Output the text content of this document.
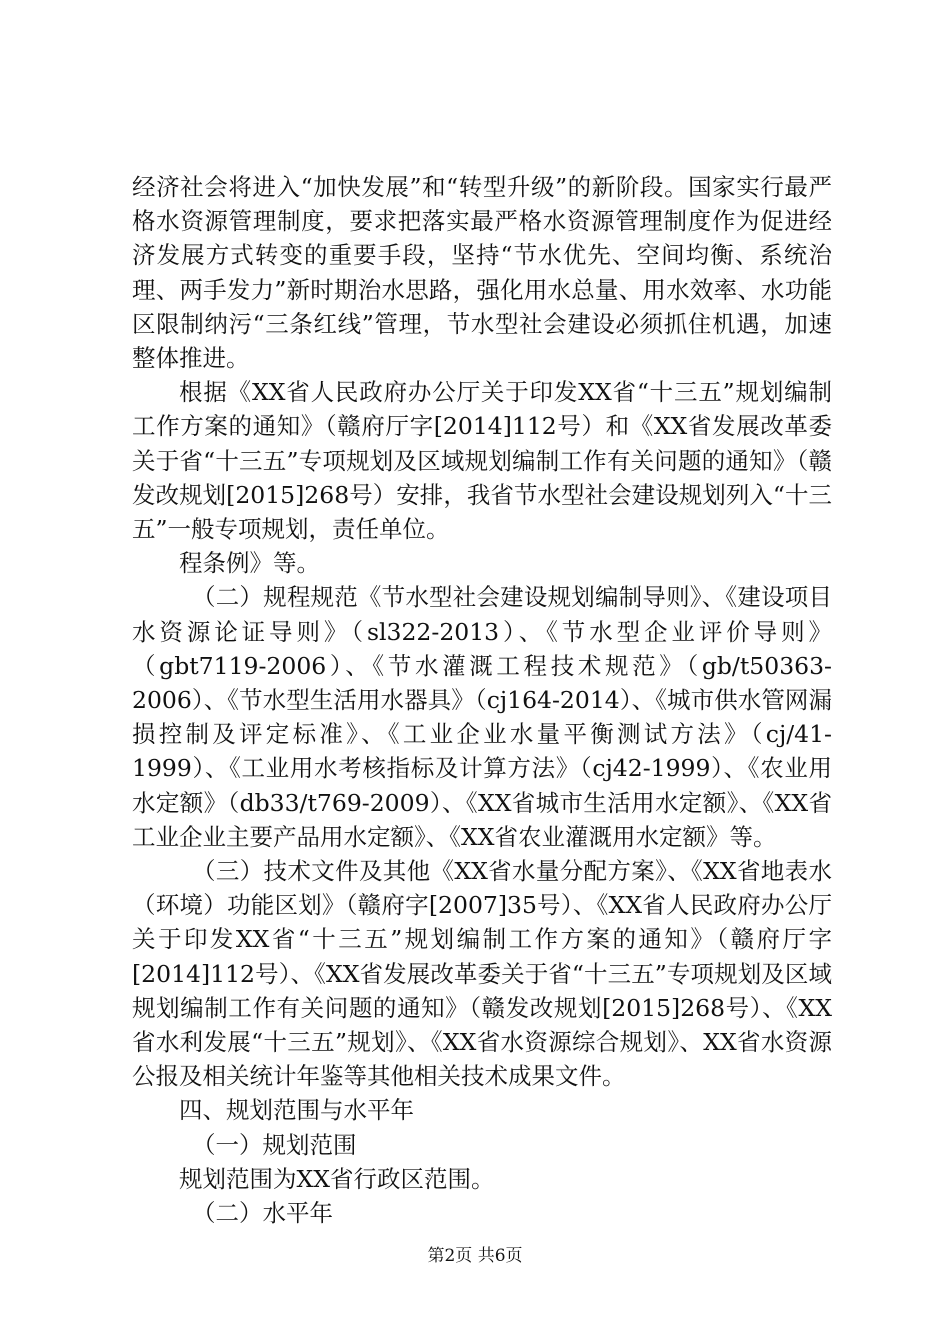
经济社会将进入“加快发展”和“转型升级”的新阶段。国家实行最严格水资源管理制度，要求把落实最严格水资源管理制度作为促进经济发展方式转变的重要手段，坚持“节水优先、空间均衡、系统治理、两手发力”新时期治水思路，强化用水总量、用水效率、水功能区限制纳污“三条红线”管理，节水型社会建设必须抓住机遇，加速整体推进。

根据《XX省人民政府办公厅关于印发XX省“十三五”规划编制工作方案的通知》（赣府厅字[2014]112号）和《XX省发展改革委关于省“十三五”专项规划及区域规划编制工作有关问题的通知》（赣发改规划[2015]268号）安排，我省节水型社会建设规划列入“十三五”一般专项规划，责任单位。

程条例》等。

（二）规程规范《节水型社会建设规划编制导则》、《建设项目水资源论证导则》（sl322-2013）、《节水型企业评价导则》（gbt7119-2006）、《节水灌溉工程技术规范》（gb/t50363-2006）、《节水型生活用水器具》（cj164-2014）、《城市供水管网漏损控制及评定标准》、《工业企业水量平衡测试方法》（cj/41-1999）、《工业用水考核指标及计算方法》（cj42-1999）、《农业用水定额》（db33/t769-2009）、《XX省城市生活用水定额》、《XX省工业企业主要产品用水定额》、《XX省农业灌溉用水定额》等。

（三）技术文件及其他《XX省水量分配方案》、《XX省地表水（环境）功能区划》（赣府字[2007]35号）、《XX省人民政府办公厅关于印发XX省“十三五”规划编制工作方案的通知》（赣府厅字[2014]112号）、《XX省发展改革委关于省“十三五”专项规划及区域规划编制工作有关问题的通知》（赣发改规划[2015]268号）、《XX省水利发展“十三五”规划》、《XX省水资源综合规划》、XX省水资源公报及相关统计年鉴等其他相关技术成果文件。

四、规划范围与水平年

（一）规划范围

规划范围为XX省行政区范围。

（二）水平年

第2页 共6页
